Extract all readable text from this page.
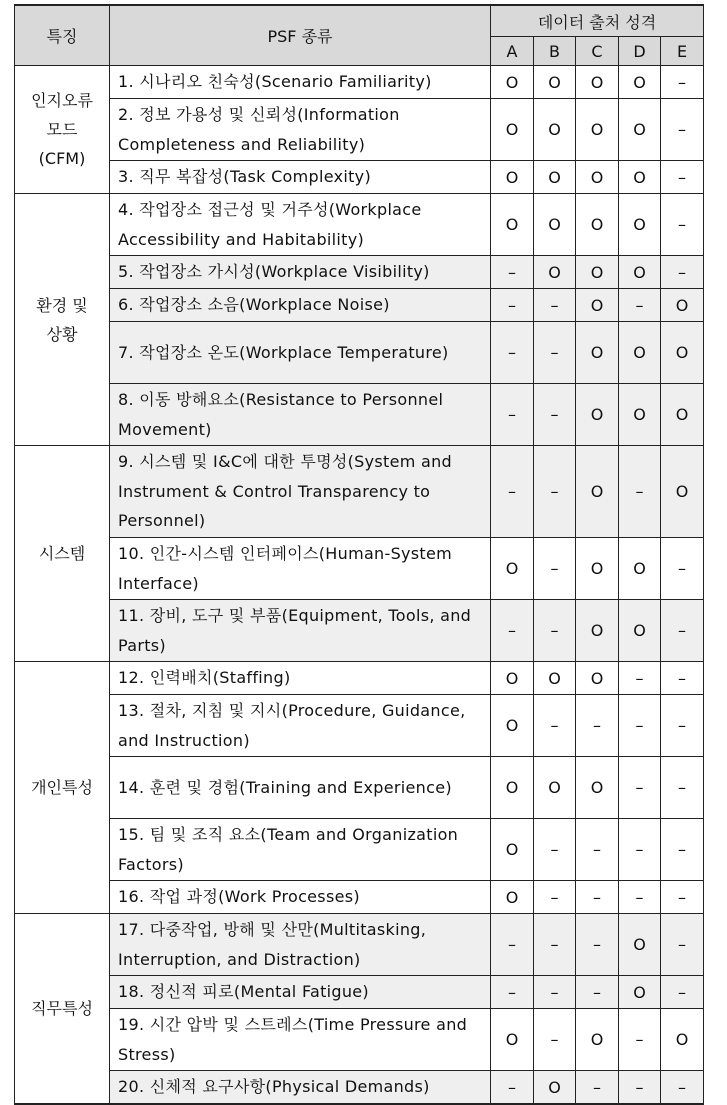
특징	PSF 종류	데이터 출처 성격				
		A	B	C	D	E
인지오류
모드
(CFM)	1. 시나리오 친숙성(Scenario Familiarity)	O	O	O	O	–
	2. 정보 가용성 및 신뢰성(Information Completeness and Reliability)	O	O	O	O	–
	3. 직무 복잡성(Task Complexity)	O	O	O	O	–
환경 및
상황	4. 작업장소 접근성 및 거주성(Workplace Accessibility and Habitability)	O	O	O	O	–
	5. 작업장소 가시성(Workplace Visibility)	–	O	O	O	–
	6. 작업장소 소음(Workplace Noise)	–	–	O	–	O
	7. 작업장소 온도(Workplace Temperature)	–	–	O	O	O
	8. 이동 방해요소(Resistance to Personnel Movement)	–	–	O	O	O
시스템	9. 시스템 및 I&C에 대한 투명성(System and Instrument & Control Transparency to Personnel)	–	–	O	–	O
	10. 인간-시스템 인터페이스(Human-System Interface)	O	–	O	O	–
	11. 장비, 도구 및 부품(Equipment, Tools, and Parts)	–	–	O	O	–
개인특성	12. 인력배치(Staffing)	O	O	O	–	–
	13. 절차, 지침 및 지시(Procedure, Guidance, and Instruction)	O	–	–	–	–
	14. 훈련 및 경험(Training and Experience)	O	O	O	–	–
	15. 팀 및 조직 요소(Team and Organization Factors)	O	–	–	–	–
	16. 작업 과정(Work Processes)	O	–	–	–	–
직무특성	17. 다중작업, 방해 및 산만(Multitasking, Interruption, and Distraction)	–	–	–	O	–
	18. 정신적 피로(Mental Fatigue)	–	–	–	O	–
	19. 시간 압박 및 스트레스(Time Pressure and Stress)	O	–	O	–	O
	20. 신체적 요구사항(Physical Demands)	–	O	–	–	–
